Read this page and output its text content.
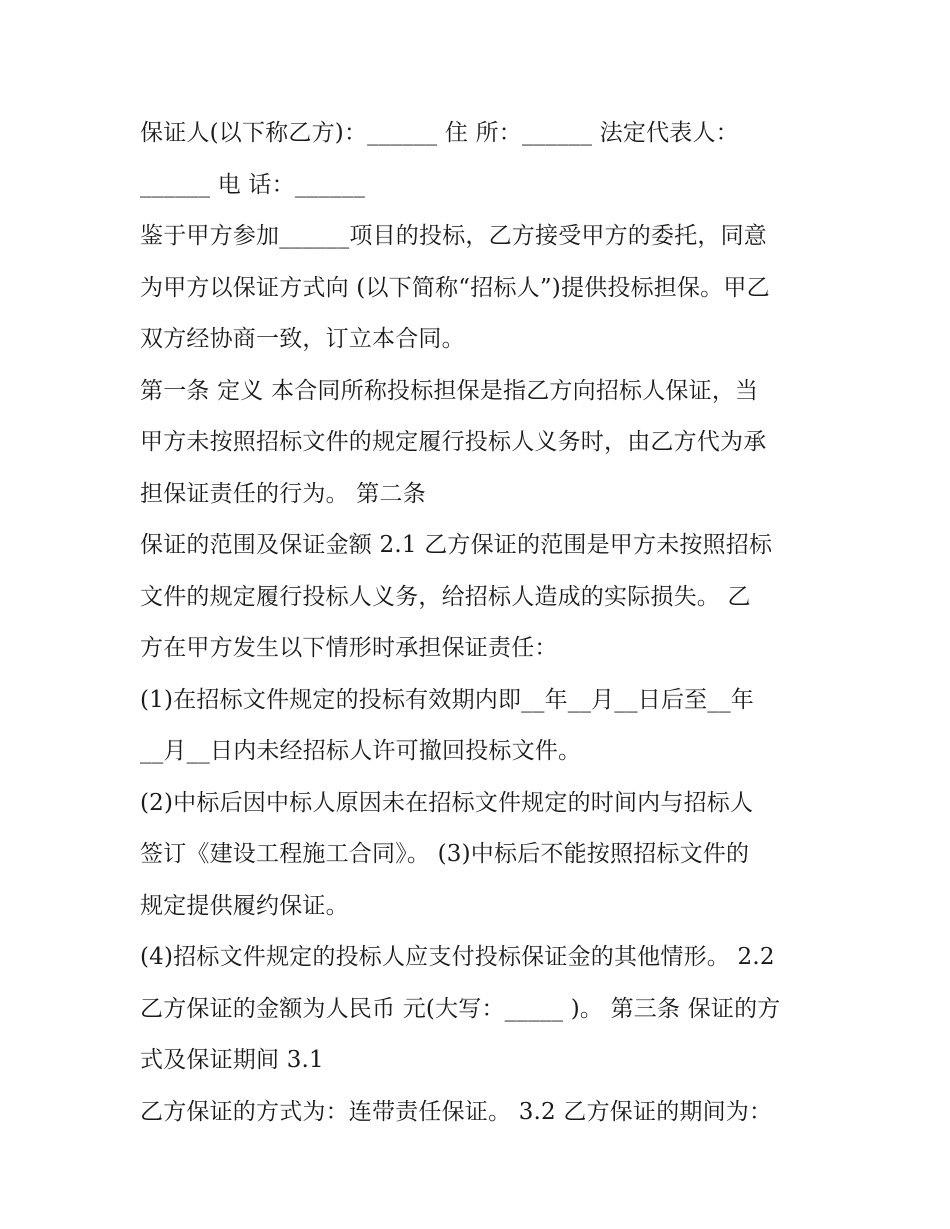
保证人(以下称乙方)：______ 住 所：______ 法定代表人：
______ 电 话：______
鉴于甲方参加______项目的投标，乙方接受甲方的委托，同意
为甲方以保证方式向 (以下简称“招标人”)提供投标担保。甲乙
双方经协商一致，订立本合同。
第一条 定义 本合同所称投标担保是指乙方向招标人保证，当
甲方未按照招标文件的规定履行投标人义务时，由乙方代为承
担保证责任的行为。 第二条
保证的范围及保证金额 2.1 乙方保证的范围是甲方未按照招标
文件的规定履行投标人义务，给招标人造成的实际损失。 乙
方在甲方发生以下情形时承担保证责任：
(1)在招标文件规定的投标有效期内即__年__月__日后至__年
__月__日内未经招标人许可撤回投标文件。
(2)中标后因中标人原因未在招标文件规定的时间内与招标人
签订《建设工程施工合同》。 (3)中标后不能按照招标文件的
规定提供履约保证。
(4)招标文件规定的投标人应支付投标保证金的其他情形。 2.2
乙方保证的金额为人民币 元(大写：_____ )。 第三条 保证的方
式及保证期间 3.1
乙方保证的方式为：连带责任保证。 3.2 乙方保证的期间为：
